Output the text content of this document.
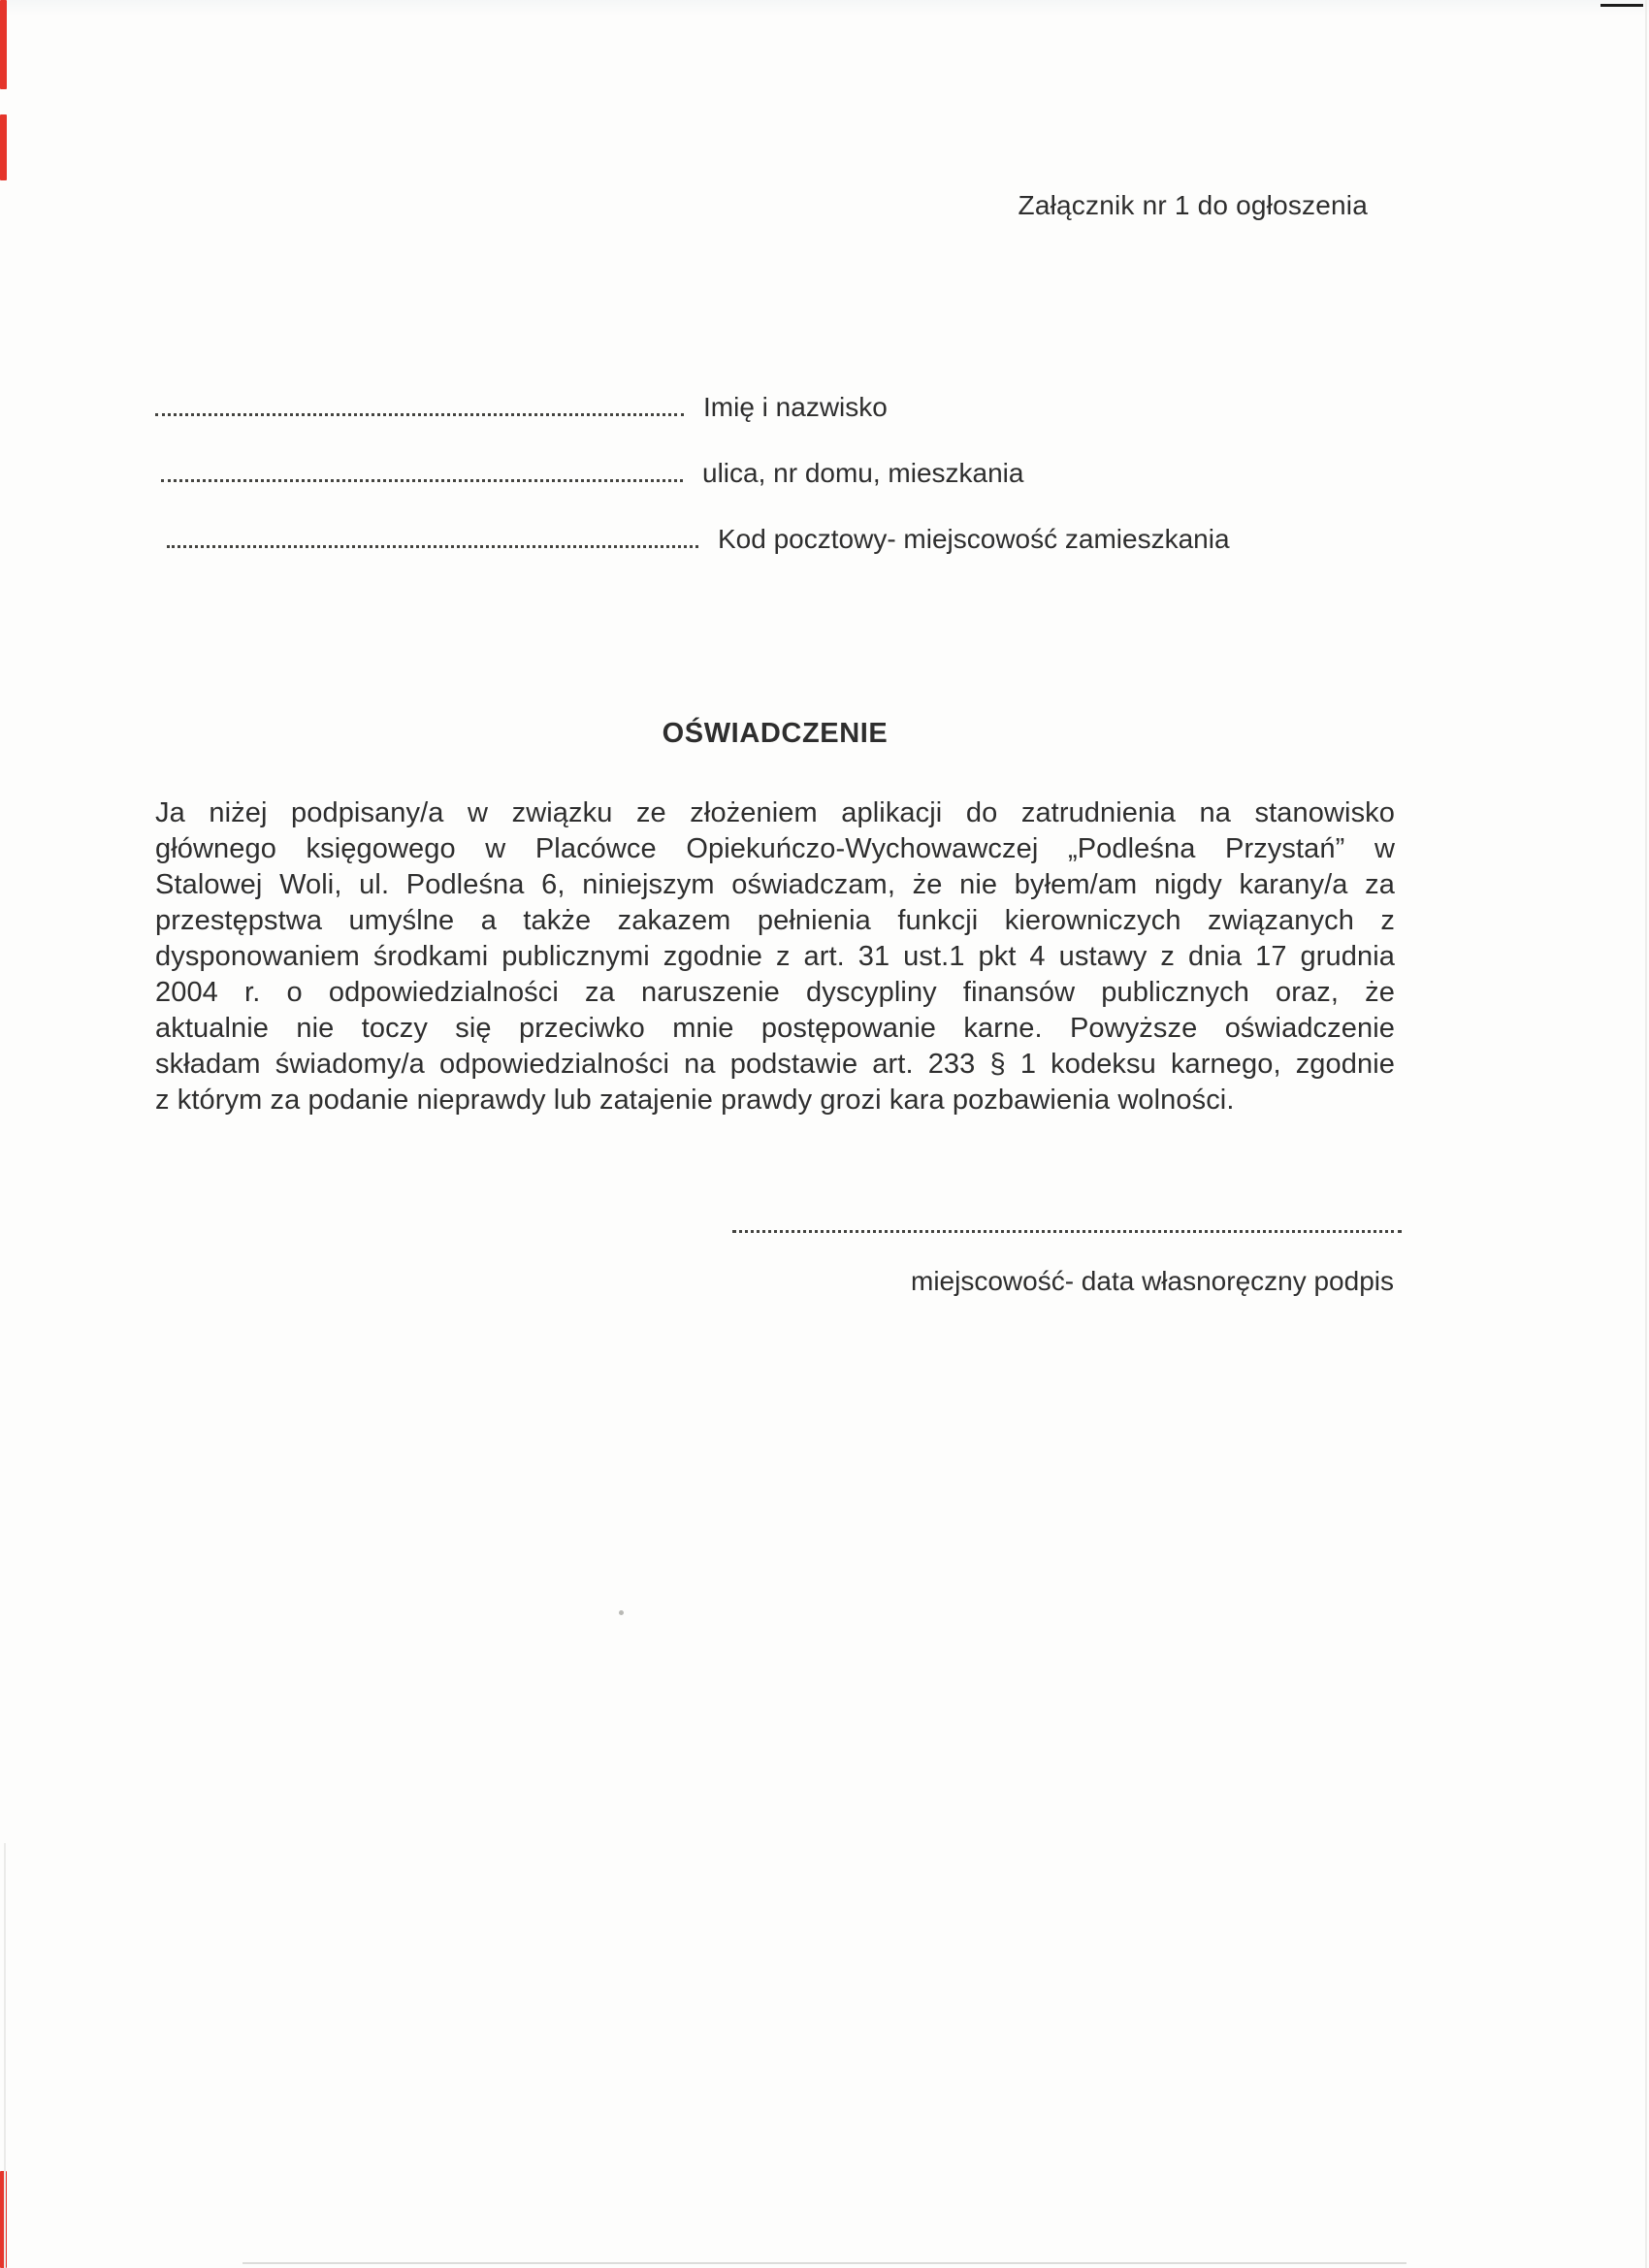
Załącznik nr 1 do ogłoszenia
Imię i nazwisko
ulica, nr domu, mieszkania
Kod pocztowy- miejscowość zamieszkania
OŚWIADCZENIE
Ja niżej podpisany/a w związku ze złożeniem aplikacji do zatrudnienia na stanowisko
głównego księgowego w Placówce Opiekuńczo-Wychowawczej „Podleśna Przystań” w
Stalowej Woli, ul. Podleśna 6, niniejszym oświadczam, że nie byłem/am nigdy karany/a za
przestępstwa umyślne a także zakazem pełnienia funkcji kierowniczych związanych z
dysponowaniem środkami publicznymi zgodnie z art. 31 ust.1 pkt 4 ustawy z dnia 17 grudnia
2004 r. o odpowiedzialności za naruszenie dyscypliny finansów publicznych oraz, że
aktualnie nie toczy się przeciwko mnie postępowanie karne. Powyższe oświadczenie
składam świadomy/a odpowiedzialności na podstawie art. 233 § 1 kodeksu karnego, zgodnie
z którym za podanie nieprawdy lub zatajenie prawdy grozi kara pozbawienia wolności.
miejscowość- data własnoręczny podpis
